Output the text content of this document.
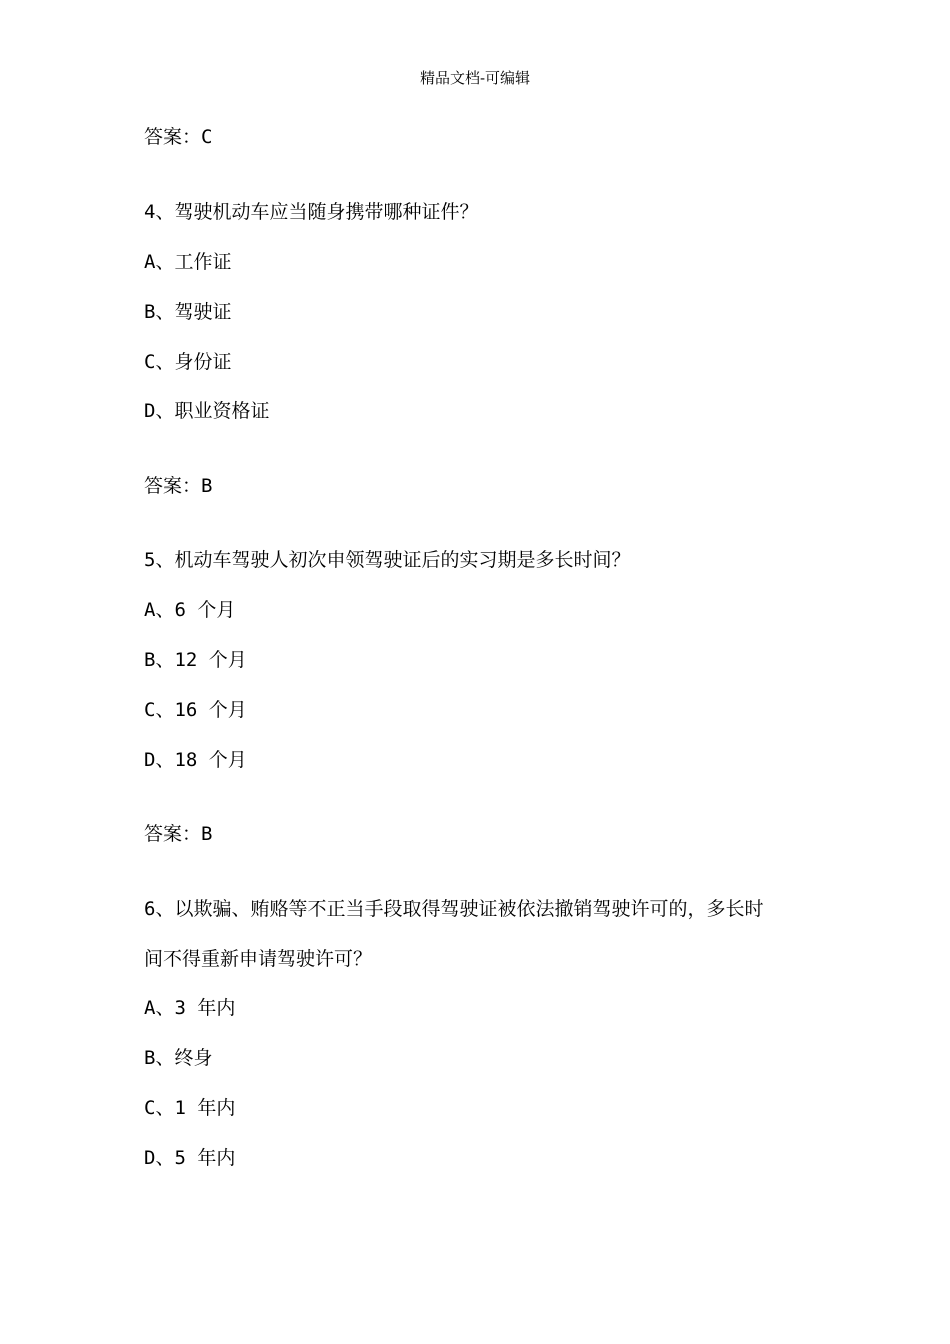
精品文档-可编辑
答案：C
4、驾驶机动车应当随身携带哪种证件？
A、工作证
B、驾驶证
C、身份证
D、职业资格证
答案：B
5、机动车驾驶人初次申领驾驶证后的实习期是多长时间？
A、6 个月
B、12 个月
C、16 个月
D、18 个月
答案：B
6、以欺骗、贿赂等不正当手段取得驾驶证被依法撤销驾驶许可的，多长时
间不得重新申请驾驶许可？
A、3 年内
B、终身
C、1 年内
D、5 年内
